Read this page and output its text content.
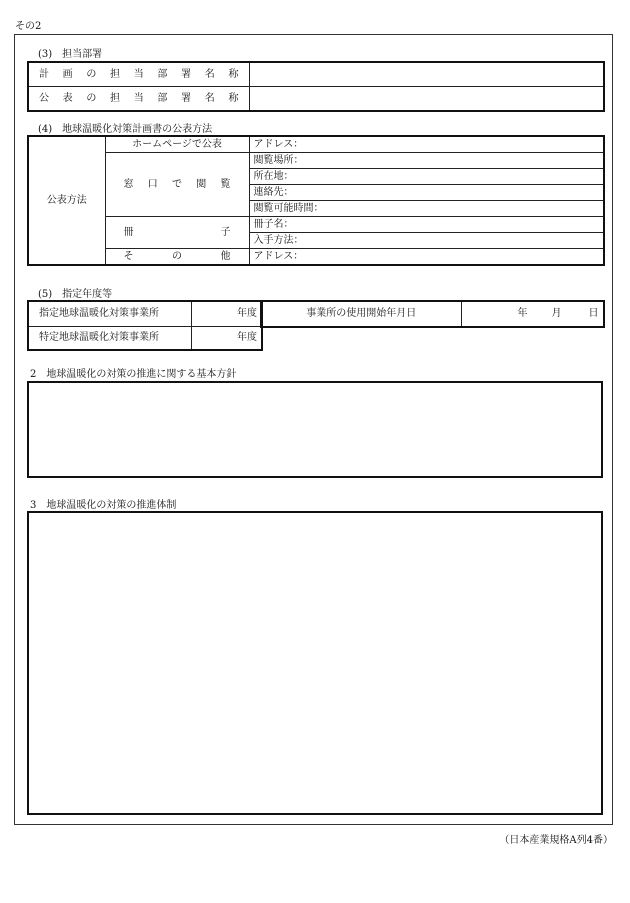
その2
(3)　担当部署
計画の担当部署名称	
公表の担当部署名称	
(4)　地球温暖化対策計画書の公表方法
公表方法	ホームページで公表	アドレス：
	窓口で閲覧	閲覧場所：
		所在地：
		連絡先：
		閲覧可能時間：
	冊子	冊子名：
		入手方法：
	その他	アドレス：
(5)　指定年度等
指定地球温暖化対策事業所	年度
特定地球温暖化対策事業所	年度
事業所の使用開始年月日	年 月	日
2　地球温暖化の対策の推進に関する基本方針
3　地球温暖化の対策の推進体制
（日本産業規格A列4番）
